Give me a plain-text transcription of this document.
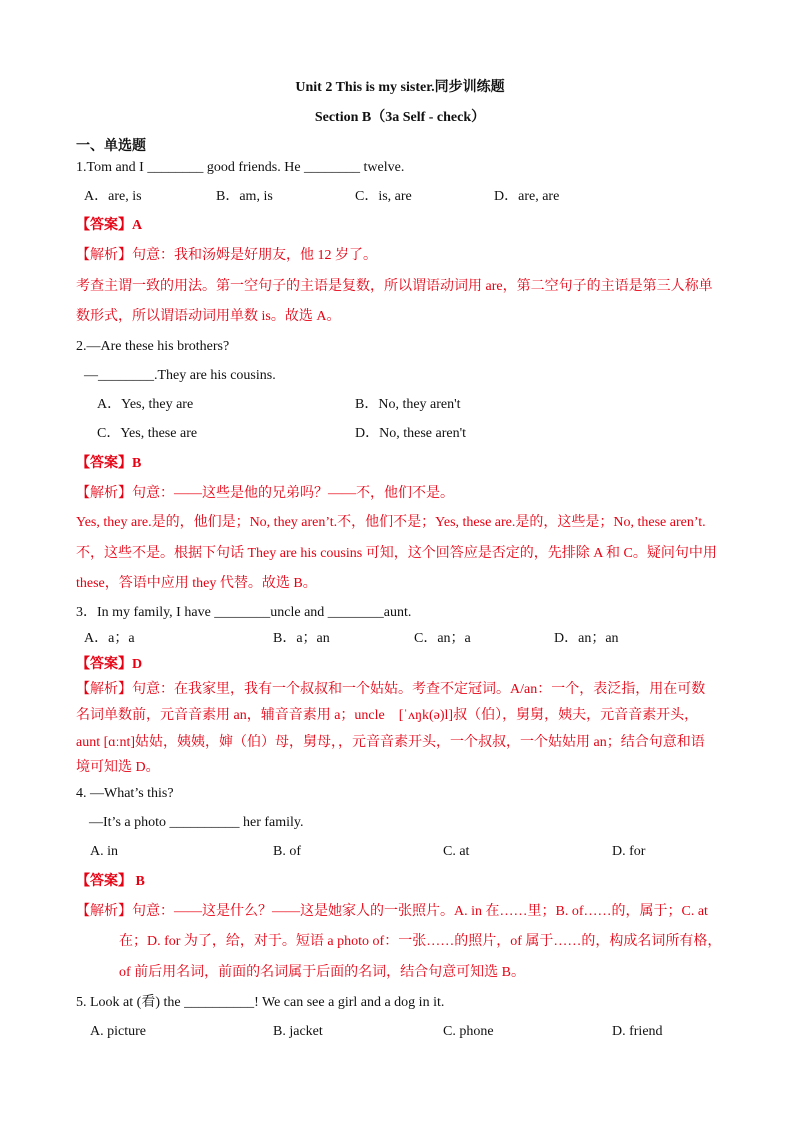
Unit 2 This is my sister.同步训练题
Section B（3a Self - check）
一、单选题
1.Tom and I ________ good friends. He ________ twelve.
A．are, is	B．am, is	C．is, are	D．are, are
【答案】A
【解析】句意：我和汤姆是好朋友，他 12 岁了。
考查主谓一致的用法。第一空句子的主语是复数，所以谓语动词用 are，第二空句子的主语是第三人称单
数形式，所以谓语动词用单数 is。故选 A。
2.—Are these his brothers?
—________.They are his cousins.
A．Yes, they are	B．No, they aren't
C．Yes, these are	D．No, these aren't
【答案】B
【解析】句意：——这些是他的兄弟吗？——不，他们不是。
Yes, they are.是的，他们是；No, they aren’t.不，他们不是；Yes, these are.是的，这些是；No, these aren’t.
不，这些不是。根据下句话 They are his cousins 可知，这个回答应是否定的，先排除 A 和 C。疑问句中用
these，答语中应用 they 代替。故选 B。
3．In my family, I have ________uncle and ________aunt.
A．a；a	B．a；an	C．an；a	D．an；an
【答案】D
【解析】句意：在我家里，我有一个叔叔和一个姑姑。考查不定冠词。A/an：一个，表泛指，用在可数
名词单数前，元音音素用 an，辅音音素用 a；uncle　[ˈʌŋk(ə)l]叔（伯），舅舅，姨夫，元音音素开头，
aunt [ɑːnt]姑姑，姨姨，婶（伯）母，舅母，，元音音素开头，一个叔叔，一个姑姑用 an；结合句意和语
境可知选 D。
4. —What’s this?
—It’s a photo __________ her family.
A. in	B. of	C. at	D. for
【答案】 B
【解析】句意：——这是什么？——这是她家人的一张照片。A. in 在……里；B. of……的，属于；C. at
在；D. for 为了，给，对于。短语 a photo of：一张……的照片，of 属于……的，构成名词所有格，
of 前后用名词，前面的名词属于后面的名词，结合句意可知选 B。
5. Look at (看) the __________! We can see a girl and a dog in it.
A. picture	B. jacket	C. phone	D. friend
